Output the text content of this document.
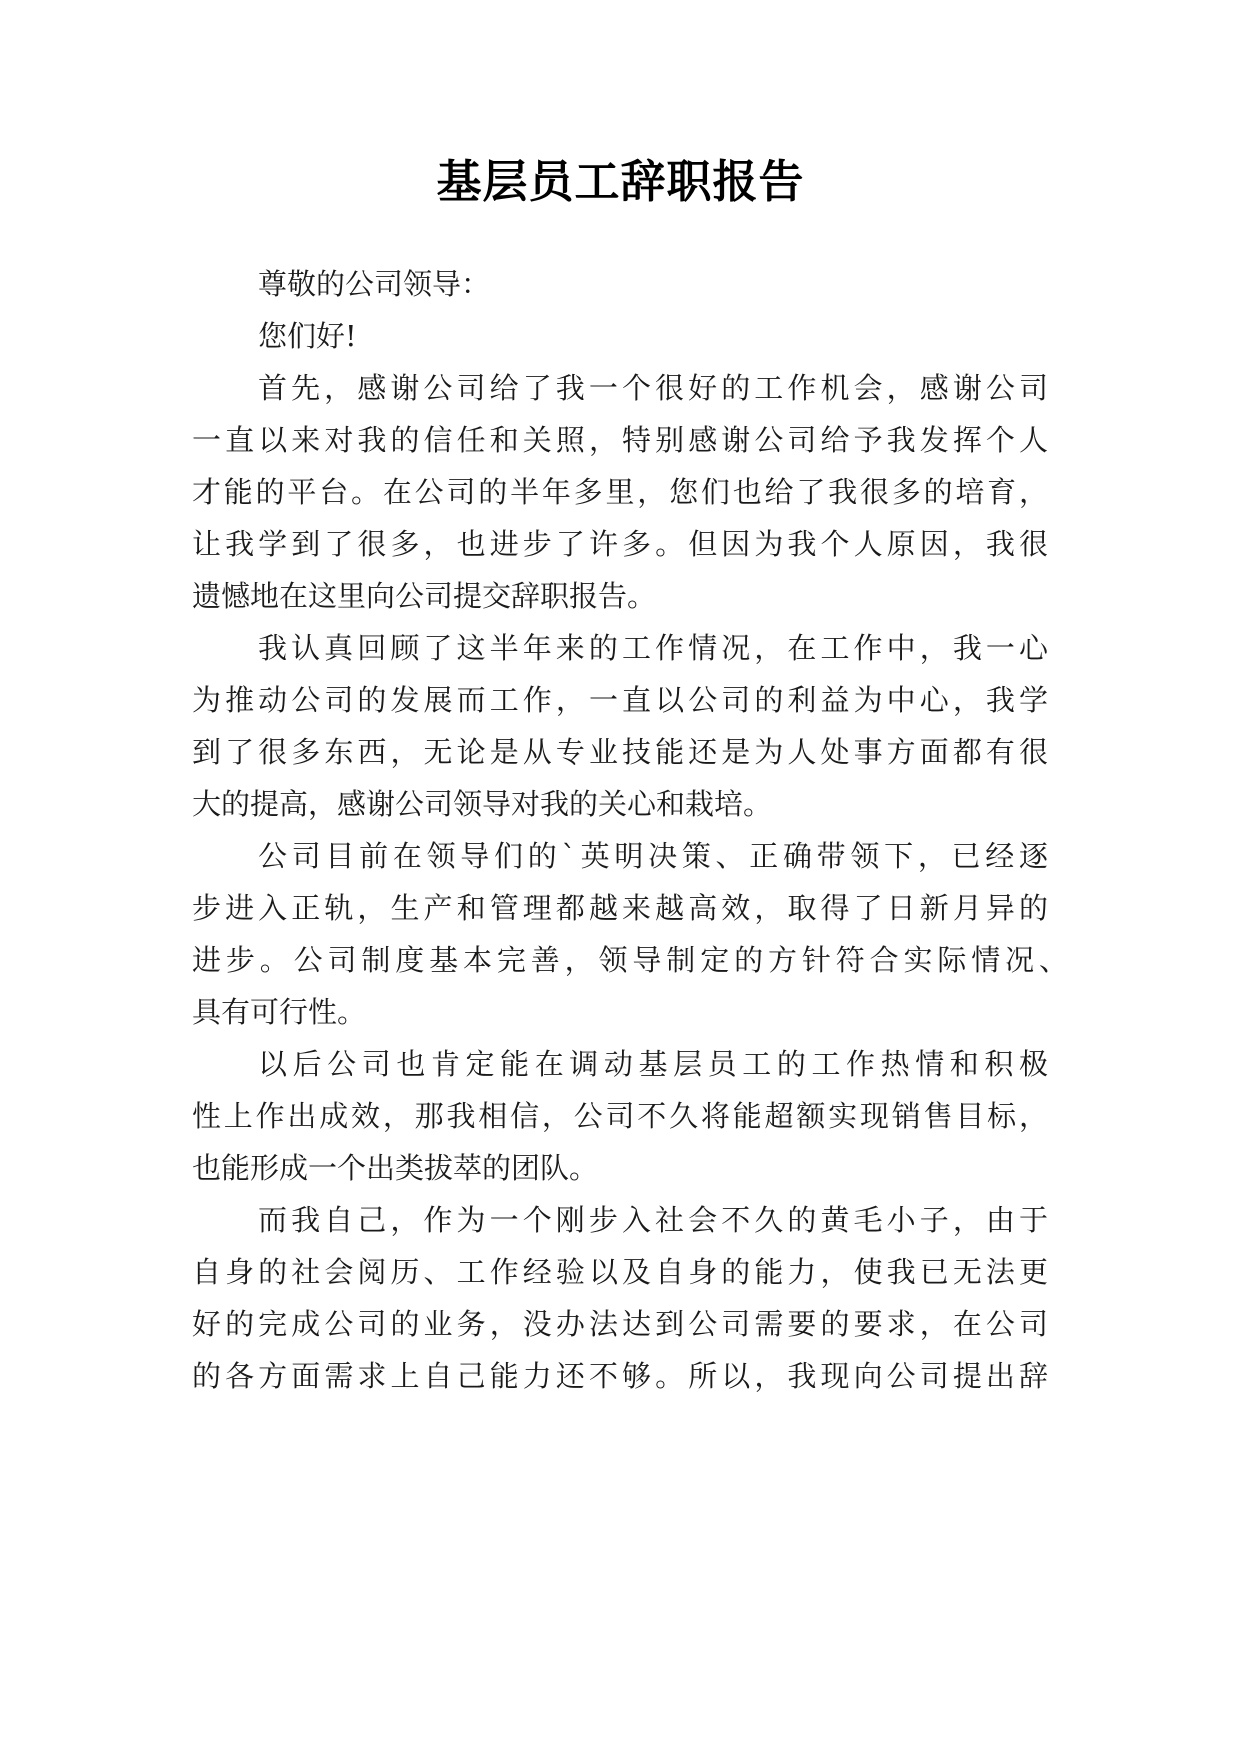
基层员工辞职报告
尊敬的公司领导：
您们好!
首先，感谢公司给了我一个很好的工作机会，感谢公司
一直以来对我的信任和关照，特别感谢公司给予我发挥个人
才能的平台。在公司的半年多里，您们也给了我很多的培育，
让我学到了很多，也进步了许多。但因为我个人原因，我很
遗憾地在这里向公司提交辞职报告。
我认真回顾了这半年来的工作情况，在工作中，我一心
为推动公司的发展而工作，一直以公司的利益为中心，我学
到了很多东西，无论是从专业技能还是为人处事方面都有很
大的提高，感谢公司领导对我的关心和栽培。
公司目前在领导们的`英明决策、正确带领下，已经逐
步进入正轨，生产和管理都越来越高效，取得了日新月异的
进步。公司制度基本完善，领导制定的方针符合实际情况、
具有可行性。
以后公司也肯定能在调动基层员工的工作热情和积极
性上作出成效，那我相信，公司不久将能超额实现销售目标，
也能形成一个出类拔萃的团队。
而我自己，作为一个刚步入社会不久的黄毛小子，由于
自身的社会阅历、工作经验以及自身的能力，使我已无法更
好的完成公司的业务，没办法达到公司需要的要求，在公司
的各方面需求上自己能力还不够。所以，我现向公司提出辞
